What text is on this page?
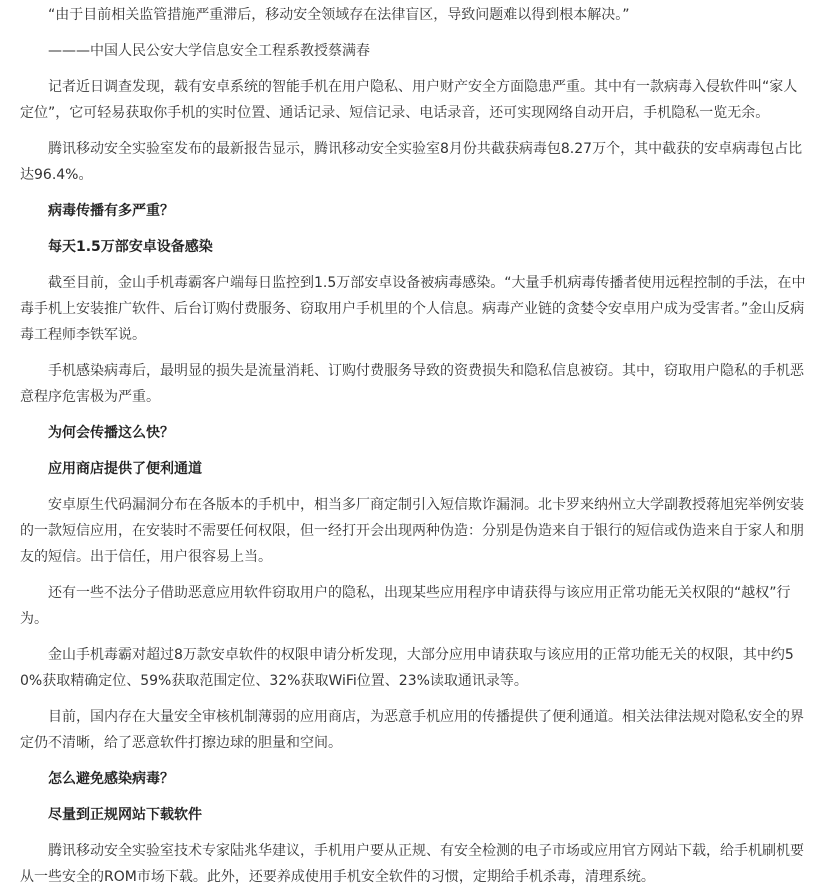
“由于目前相关监管措施严重滞后，移动安全领域存在法律盲区，导致问题难以得到根本解决。”

———中国人民公安大学信息安全工程系教授蔡满春

记者近日调查发现，载有安卓系统的智能手机在用户隐私、用户财产安全方面隐患严重。其中有一款病毒入侵软件叫“家人定位”，它可轻易获取你手机的实时位置、通话记录、短信记录、电话录音，还可实现网络自动开启，手机隐私一览无余。

腾讯移动安全实验室发布的最新报告显示，腾讯移动安全实验室8月份共截获病毒包8.27万个，其中截获的安卓病毒包占比达96.4%。

病毒传播有多严重？

每天1.5万部安卓设备感染

截至目前，金山手机毒霸客户端每日监控到1.5万部安卓设备被病毒感染。“大量手机病毒传播者使用远程控制的手法，在中毒手机上安装推广软件、后台订购付费服务、窃取用户手机里的个人信息。病毒产业链的贪婪令安卓用户成为受害者。”金山反病毒工程师李铁军说。

手机感染病毒后，最明显的损失是流量消耗、订购付费服务导致的资费损失和隐私信息被窃。其中，窃取用户隐私的手机恶意程序危害极为严重。

为何会传播这么快？

应用商店提供了便利通道

安卓原生代码漏洞分布在各版本的手机中，相当多厂商定制引入短信欺诈漏洞。北卡罗来纳州立大学副教授蒋旭宪举例安装的一款短信应用，在安装时不需要任何权限，但一经打开会出现两种伪造：分别是伪造来自于银行的短信或伪造来自于家人和朋友的短信。出于信任，用户很容易上当。

还有一些不法分子借助恶意应用软件窃取用户的隐私，出现某些应用程序申请获得与该应用正常功能无关权限的“越权”行为。

金山手机毒霸对超过8万款安卓软件的权限申请分析发现，大部分应用申请获取与该应用的正常功能无关的权限，其中约50%获取精确定位、59%获取范围定位、32%获取WiFi位置、23%读取通讯录等。

目前，国内存在大量安全审核机制薄弱的应用商店，为恶意手机应用的传播提供了便利通道。相关法律法规对隐私安全的界定仍不清晰，给了恶意软件打擦边球的胆量和空间。

怎么避免感染病毒？

尽量到正规网站下载软件

腾讯移动安全实验室技术专家陆兆华建议，手机用户要从正规、有安全检测的电子市场或应用官方网站下载，给手机刷机要从一些安全的ROM市场下载。此外，还要养成使用手机安全软件的习惯，定期给手机杀毒，清理系统。
